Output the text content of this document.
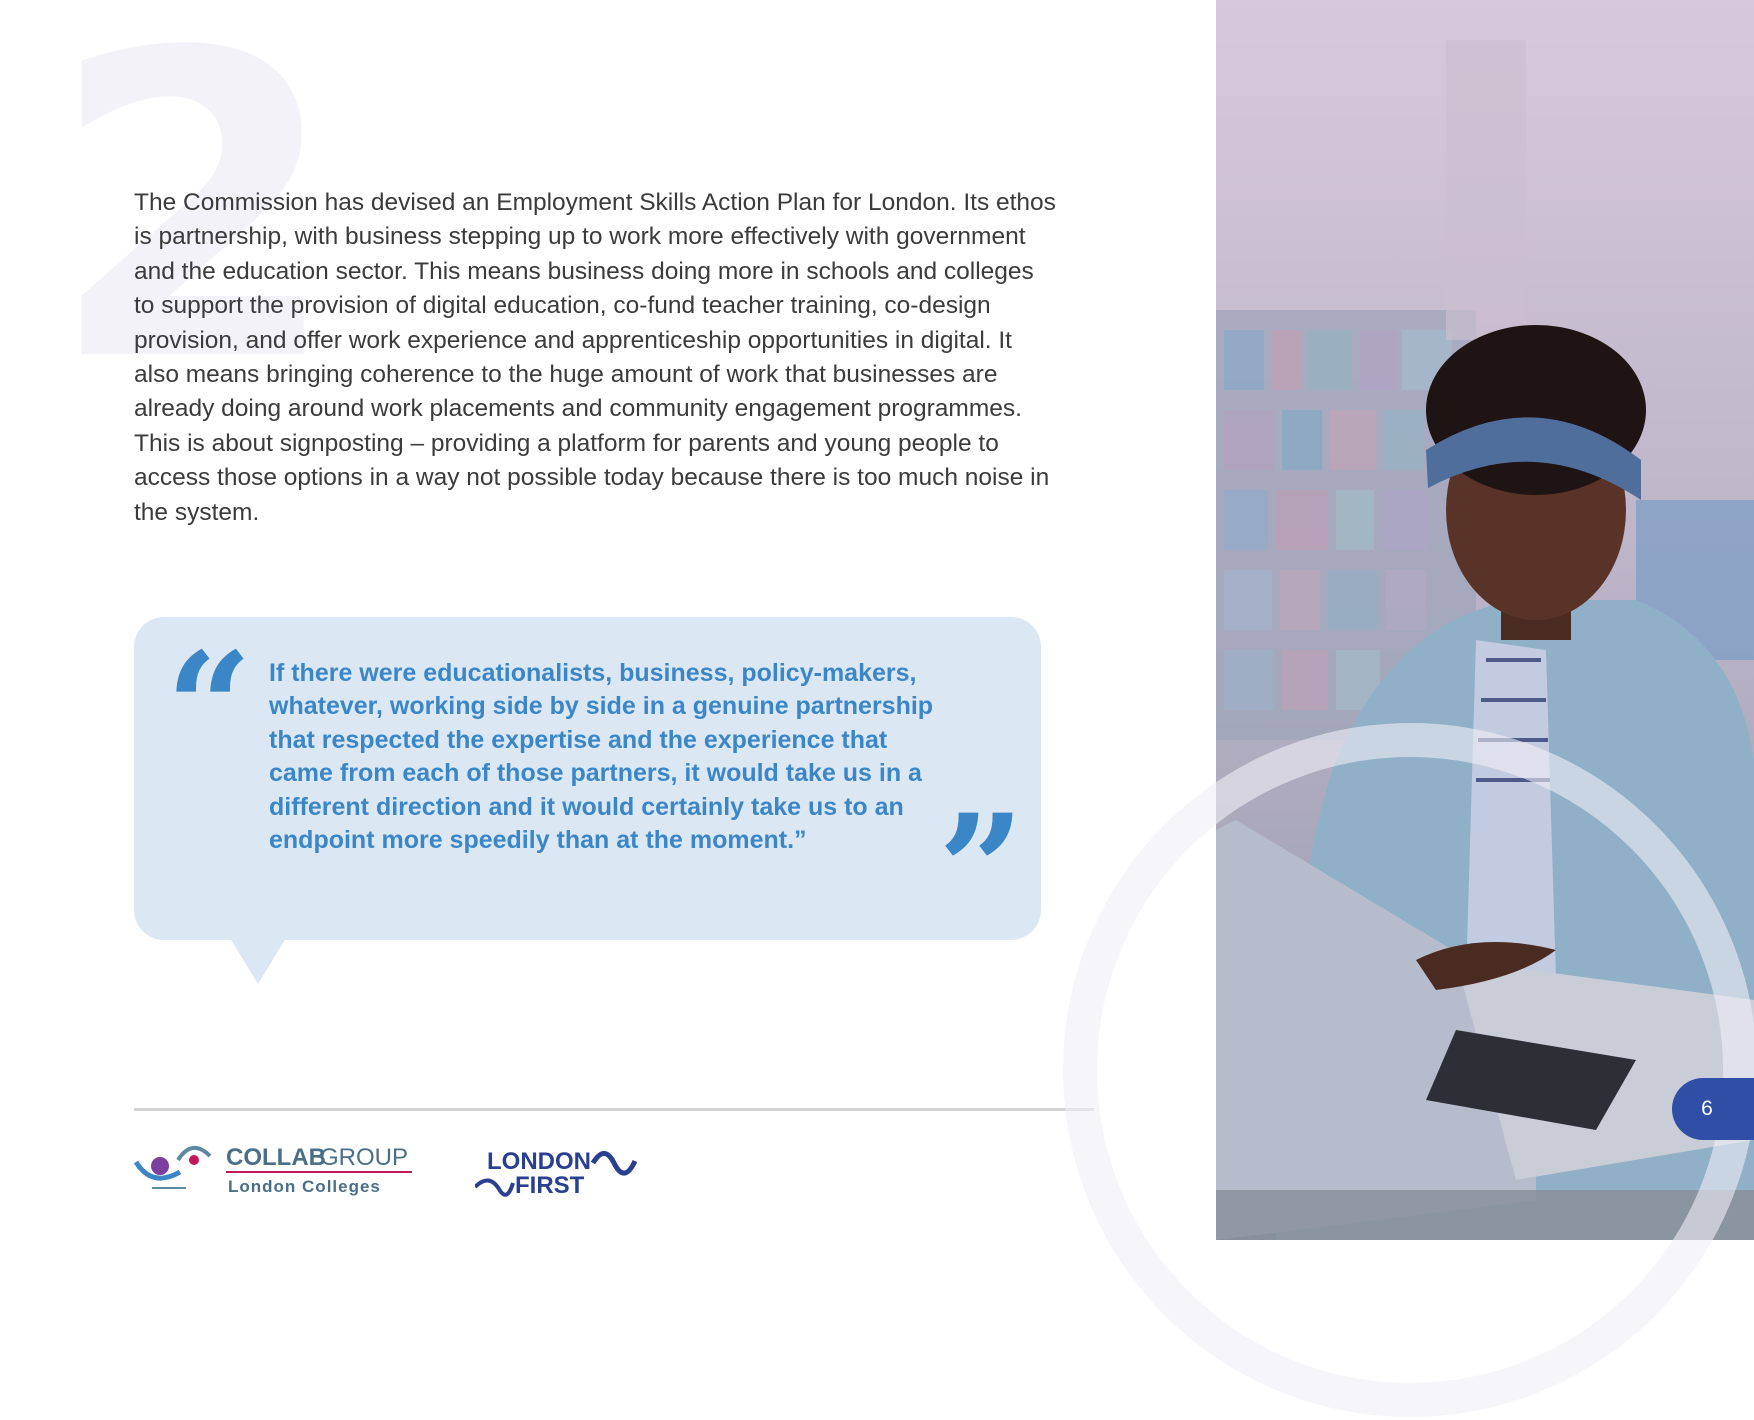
2

The Commission has devised an Employment Skills Action Plan for London. Its ethos is partnership, with business stepping up to work more effectively with government and the education sector. This means business doing more in schools and colleges to support the provision of digital education, co-fund teacher training, co-design provision, and offer work experience and apprenticeship opportunities in digital. It also means bringing coherence to the huge amount of work that businesses are already doing around work placements and community engagement programmes. This is about signposting – providing a platform for parents and young people to access those options in a way not possible today because there is too much noise in the system.

“ If there were educationalists, business, policy-makers, whatever, working side by side in a genuine partnership that respected the expertise and the experience that came from each of those partners, it would take us in a different direction and it would certainly take us to an endpoint more speedily than at the moment.” ”
COLLAB
GROUP
London Colleges
LONDON
FIRST
6
